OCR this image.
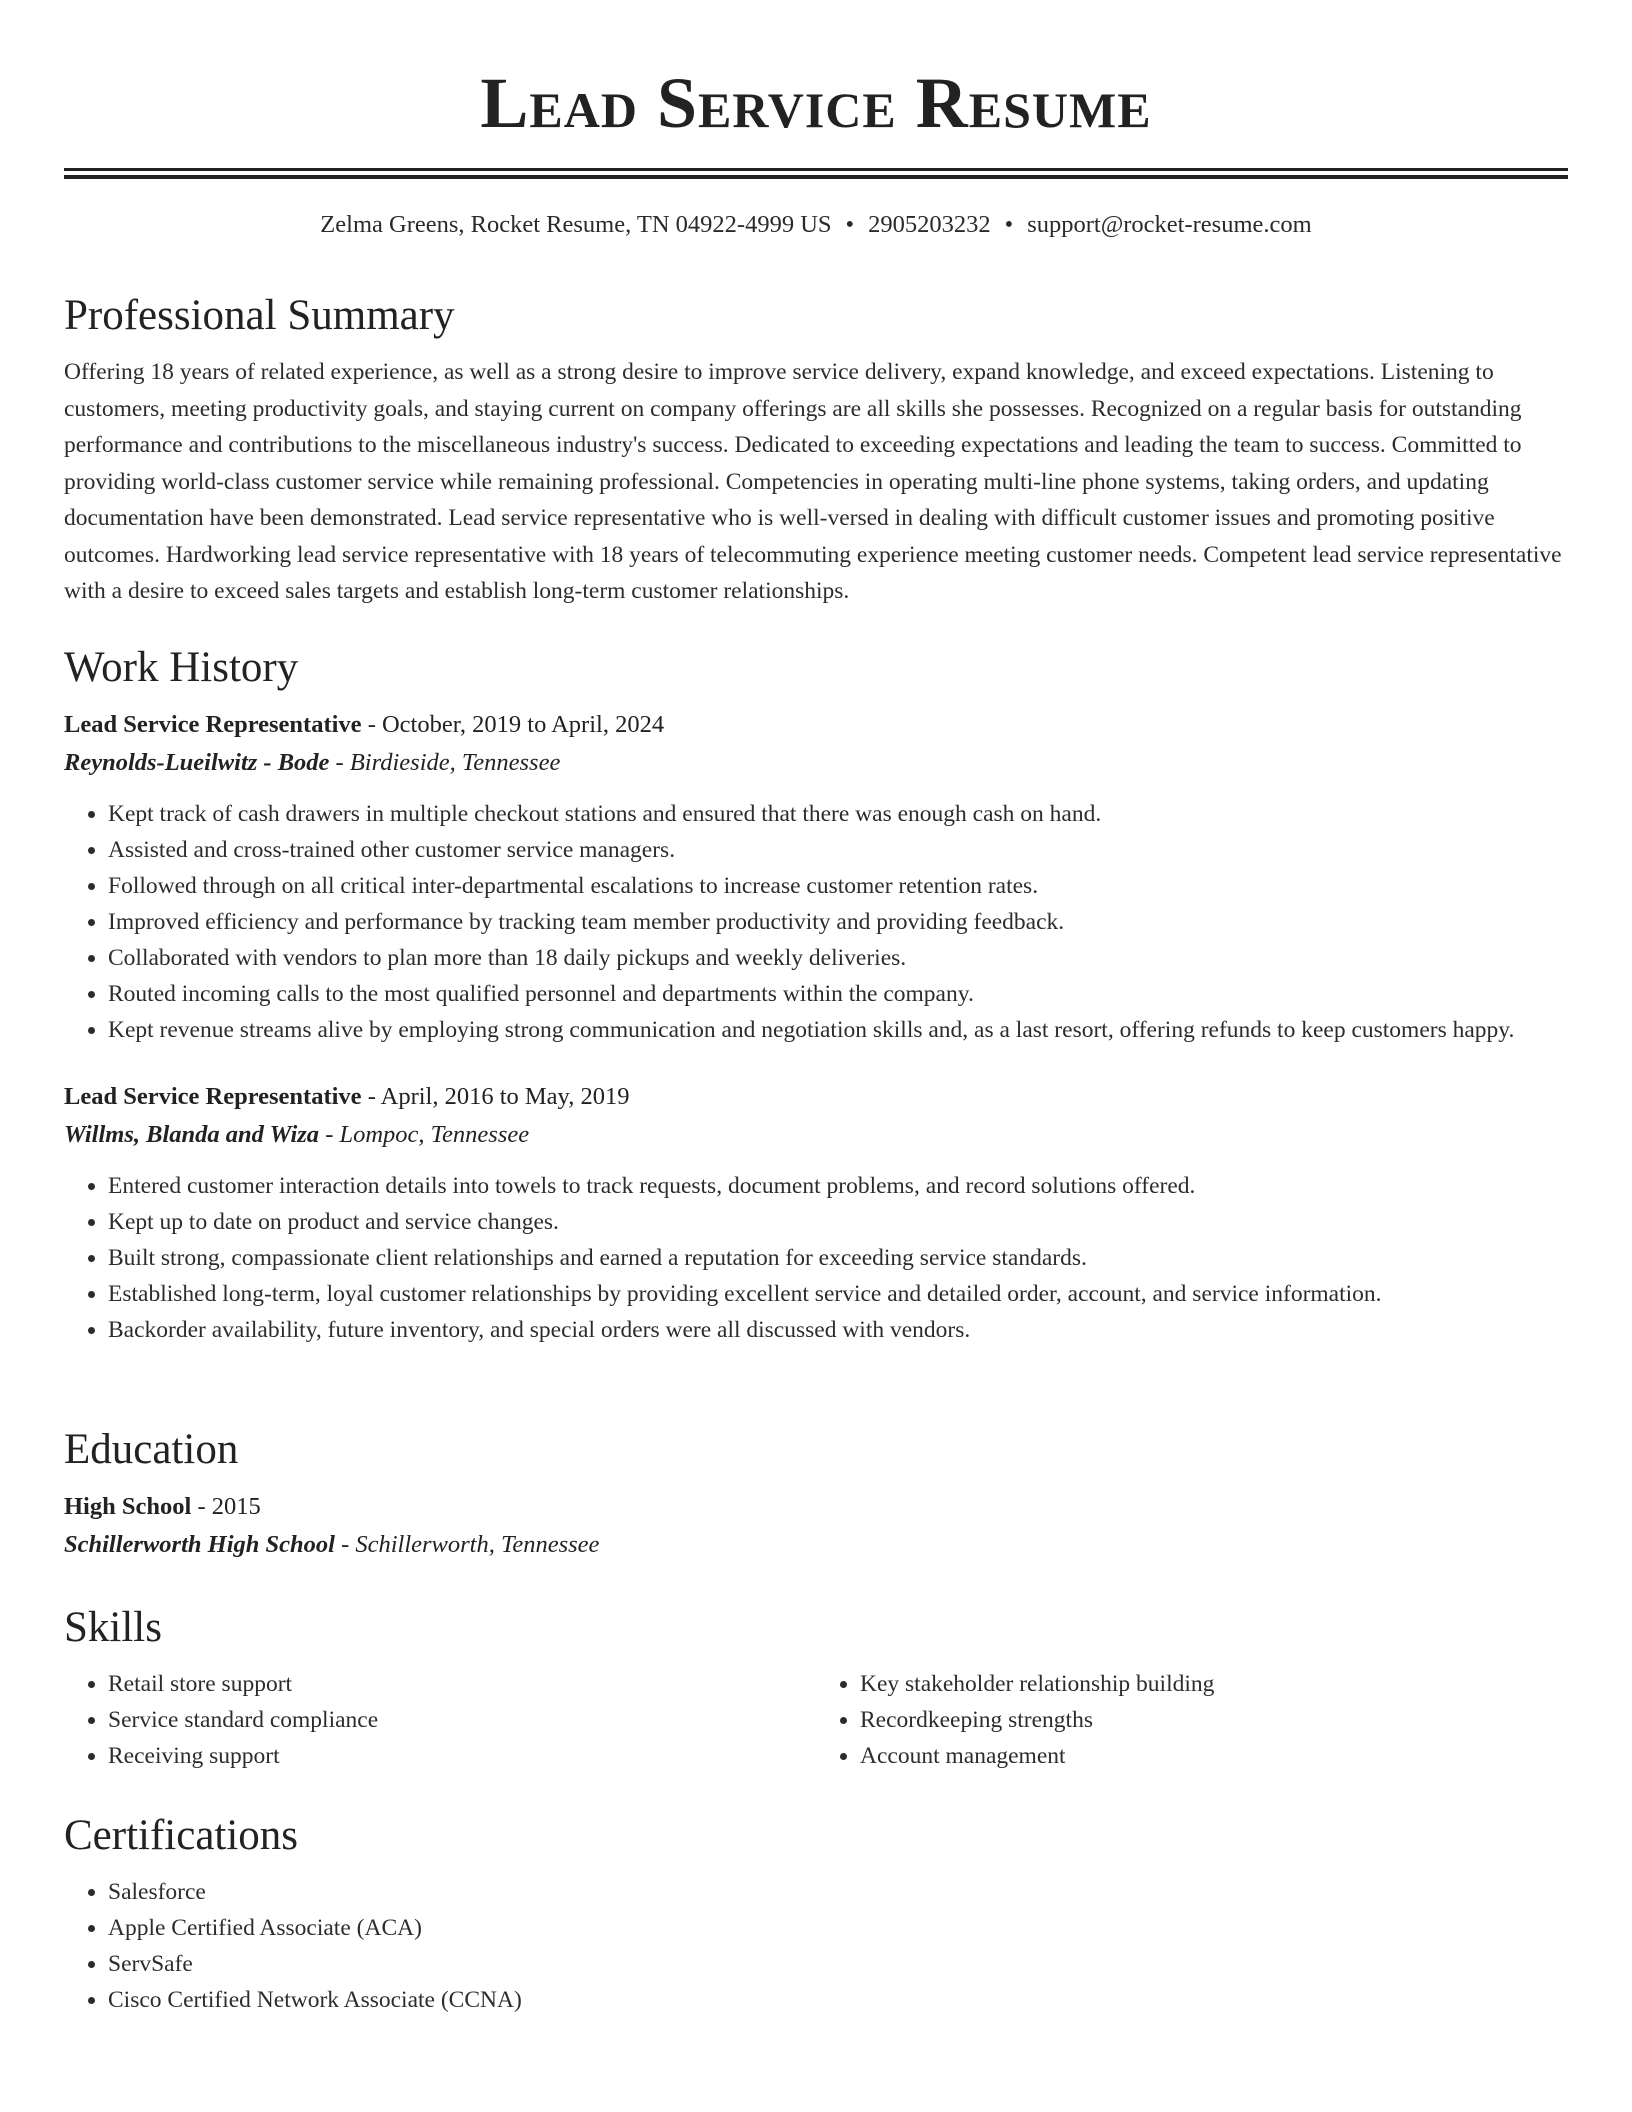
Lead Service Resume
Zelma Greens, Rocket Resume, TN 04922-4999 US • 2905203232 • support@rocket-resume.com
Professional Summary

Offering 18 years of related experience, as well as a strong desire to improve service delivery, expand knowledge, and exceed expectations. Listening to customers, meeting productivity goals, and staying current on company offerings are all skills she possesses. Recognized on a regular basis for outstanding performance and contributions to the miscellaneous industry's success. Dedicated to exceeding expectations and leading the team to success. Committed to providing world-class customer service while remaining professional. Competencies in operating multi-line phone systems, taking orders, and updating documentation have been demonstrated. Lead service representative who is well-versed in dealing with difficult customer issues and promoting positive outcomes. Hardworking lead service representative with 18 years of telecommuting experience meeting customer needs. Competent lead service representative with a desire to exceed sales targets and establish long-term customer relationships.

Work History
Lead Service Representative - October, 2019 to April, 2024
Reynolds-Lueilwitz - Bode - Birdieside, Tennessee
• Kept track of cash drawers in multiple checkout stations and ensured that there was enough cash on hand.
• Assisted and cross-trained other customer service managers.
• Followed through on all critical inter-departmental escalations to increase customer retention rates.
• Improved efficiency and performance by tracking team member productivity and providing feedback.
• Collaborated with vendors to plan more than 18 daily pickups and weekly deliveries.
• Routed incoming calls to the most qualified personnel and departments within the company.
• Kept revenue streams alive by employing strong communication and negotiation skills and, as a last resort, offering refunds to keep customers happy.
Lead Service Representative - April, 2016 to May, 2019
Willms, Blanda and Wiza - Lompoc, Tennessee
• Entered customer interaction details into towels to track requests, document problems, and record solutions offered.
• Kept up to date on product and service changes.
• Built strong, compassionate client relationships and earned a reputation for exceeding service standards.
• Established long-term, loyal customer relationships by providing excellent service and detailed order, account, and service information.
• Backorder availability, future inventory, and special orders were all discussed with vendors.
Education
High School - 2015
Schillerworth High School - Schillerworth, Tennessee
Skills
• Retail store support
• Service standard compliance
• Receiving support
• Key stakeholder relationship building
• Recordkeeping strengths
• Account management
Certifications
• Salesforce
• Apple Certified Associate (ACA)
• ServSafe
• Cisco Certified Network Associate (CCNA)
